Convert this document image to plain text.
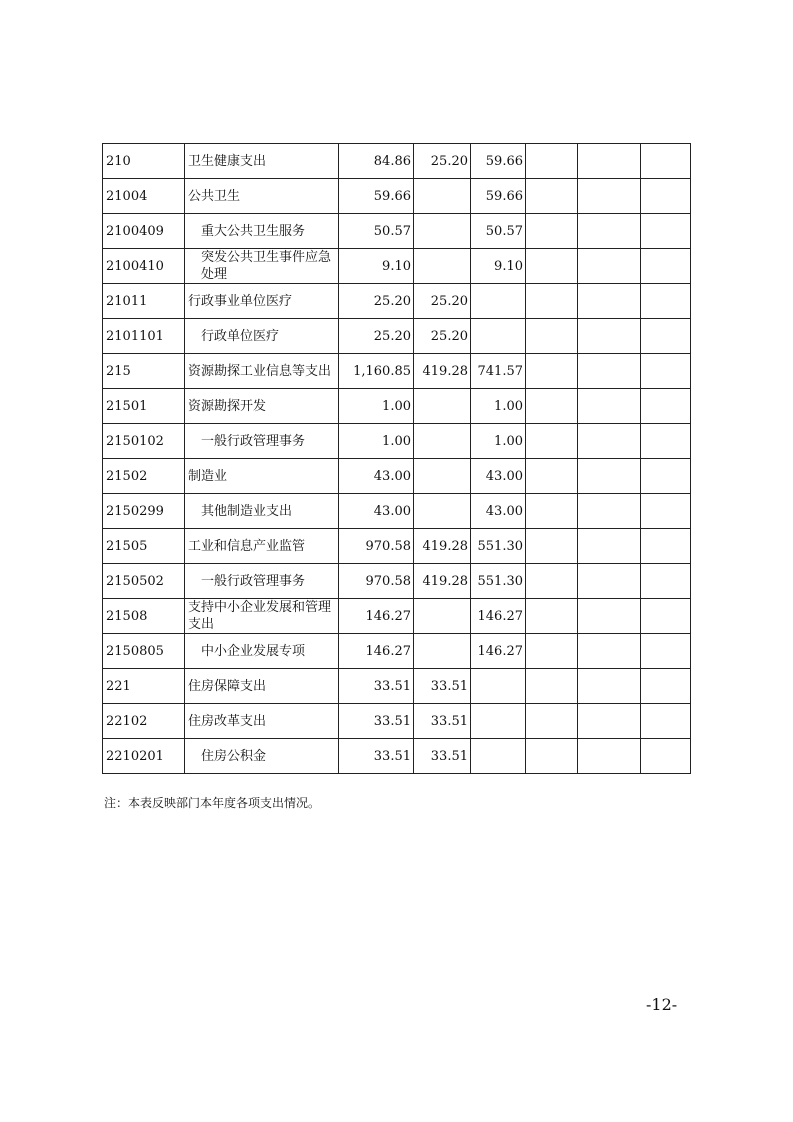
210	卫生健康支出	84.86	25.20	59.66			
21004	公共卫生	59.66		59.66			
2100409	重大公共卫生服务	50.57		50.57			
2100410	突发公共卫生事件应急处理	9.10		9.10			
21011	行政事业单位医疗	25.20	25.20				
2101101	行政单位医疗	25.20	25.20				
215	资源勘探工业信息等支出	1,160.85	419.28	741.57			
21501	资源勘探开发	1.00		1.00			
2150102	一般行政管理事务	1.00		1.00			
21502	制造业	43.00		43.00			
2150299	其他制造业支出	43.00		43.00			
21505	工业和信息产业监管	970.58	419.28	551.30			
2150502	一般行政管理事务	970.58	419.28	551.30			
21508	支持中小企业发展和管理支出	146.27		146.27			
2150805	中小企业发展专项	146.27		146.27			
221	住房保障支出	33.51	33.51				
22102	住房改革支出	33.51	33.51				
2210201	住房公积金	33.51	33.51				
注：本表反映部门本年度各项支出情况。
-12-
